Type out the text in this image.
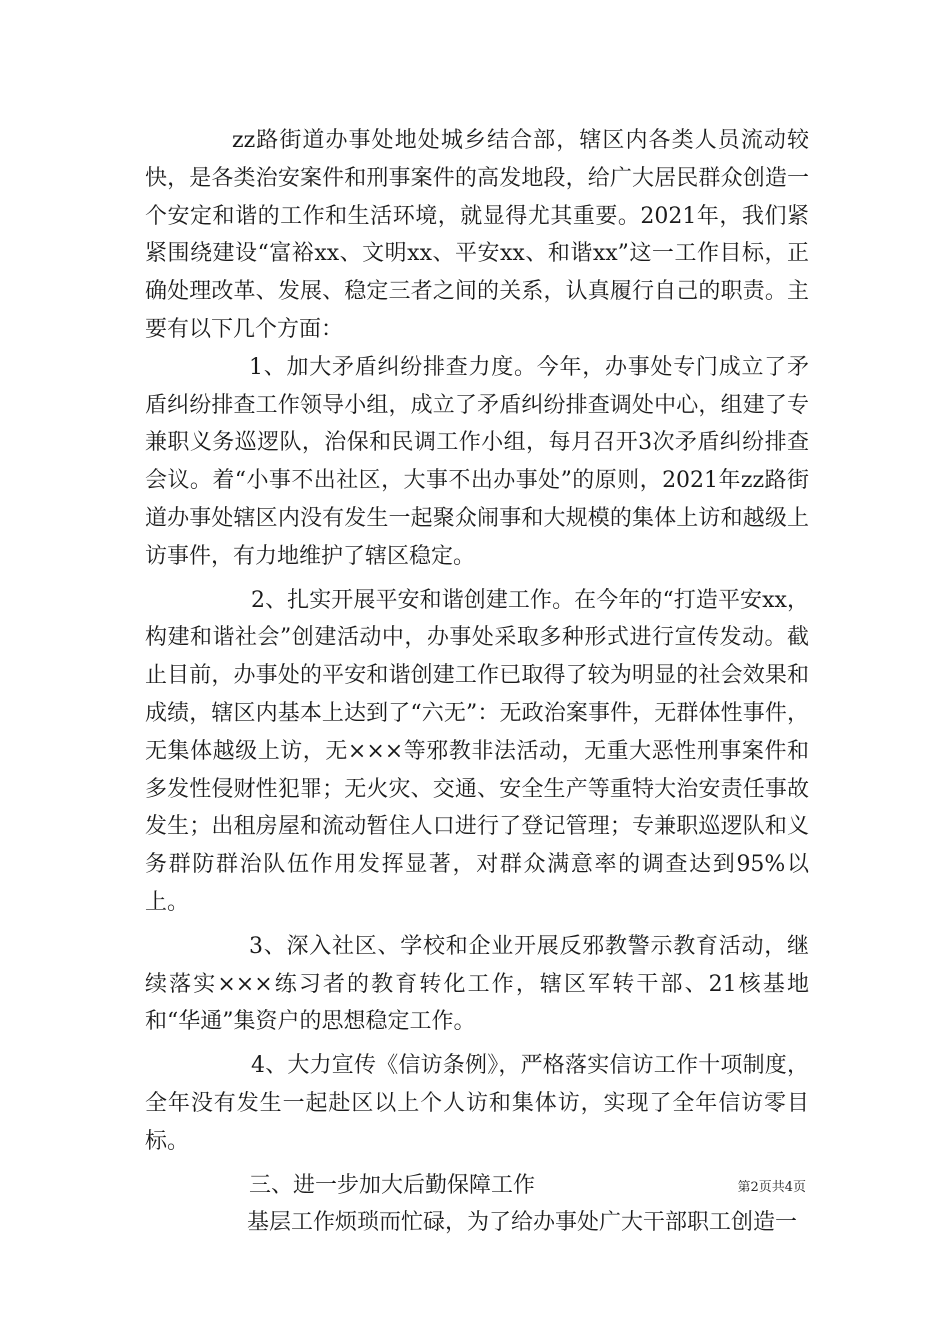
zz路街道办事处地处城乡结合部，辖区内各类人员流动较快，是各类治安案件和刑事案件的高发地段，给广大居民群众创造一个安定和谐的工作和生活环境，就显得尤其重要。2021年，我们紧紧围绕建设“富裕xx、文明xx、平安xx、和谐xx”这一工作目标，正确处理改革、发展、稳定三者之间的关系，认真履行自己的职责。主要有以下几个方面：

1、加大矛盾纠纷排查力度。今年，办事处专门成立了矛盾纠纷排查工作领导小组，成立了矛盾纠纷排查调处中心，组建了专兼职义务巡逻队，治保和民调工作小组，每月召开3次矛盾纠纷排查会议。着“小事不出社区，大事不出办事处”的原则，2021年zz路街道办事处辖区内没有发生一起聚众闹事和大规模的集体上访和越级上访事件，有力地维护了辖区稳定。

2、扎实开展平安和谐创建工作。在今年的“打造平安xx，构建和谐社会”创建活动中，办事处采取多种形式进行宣传发动。截止目前，办事处的平安和谐创建工作已取得了较为明显的社会效果和成绩，辖区内基本上达到了“六无”：无政治案事件，无群体性事件，无集体越级上访，无×××等邪教非法活动，无重大恶性刑事案件和多发性侵财性犯罪；无火灾、交通、安全生产等重特大治安责任事故发生；出租房屋和流动暂住人口进行了登记管理；专兼职巡逻队和义务群防群治队伍作用发挥显著，对群众满意率的调查达到95%以上。

3、深入社区、学校和企业开展反邪教警示教育活动，继续落实×××练习者的教育转化工作，辖区军转干部、21核基地和“华通”集资户的思想稳定工作。

4、大力宣传《信访条例》，严格落实信访工作十项制度，全年没有发生一起赴区以上个人访和集体访，实现了全年信访零目标。

三、进一步加大后勤保障工作

基层工作烦琐而忙碌，为了给办事处广大干部职工创造一

第2页共4页
